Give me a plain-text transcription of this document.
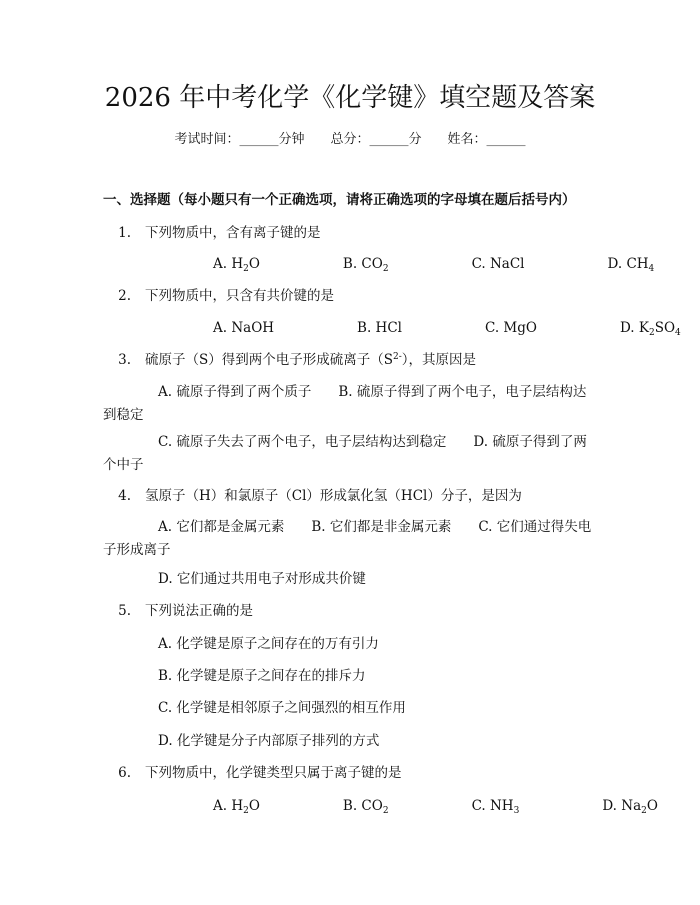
2026 年中考化学《化学键》填空题及答案
考试时间：______分钟 总分：______分 姓名：______
一、选择题（每小题只有一个正确选项，请将正确选项的字母填在题后括号内）
1. 下列物质中，含有离子键的是
A. $H_2O$	B. $CO_2$	C. NaCl	D. $CH_4$
2. 下列物质中，只含有共价键的是
A. NaOH	B. HCl	C. MgO	D. $K_2SO_4$
3. 硫原子（S）得到两个电子形成硫离子$(S^{2-})$，其原因是
A. 硫原子得到了两个质子　　B. 硫原子得到了两个电子，电子层结构达到稳定
C. 硫原子失去了两个电子，电子层结构达到稳定　　D. 硫原子得到了两个中子
4. 氢原子（H）和氯原子（Cl）形成氯化氢（HCl）分子，是因为
A. 它们都是金属元素　　B. 它们都是非金属元素　　C. 它们通过得失电子形成离子
D. 它们通过共用电子对形成共价键
5. 下列说法正确的是
A. 化学键是原子之间存在的万有引力
B. 化学键是原子之间存在的排斥力
C. 化学键是相邻原子之间强烈的相互作用
D. 化学键是分子内部原子排列的方式
6. 下列物质中，化学键类型只属于离子键的是
A. $H_2O$	B. $CO_2$	C. $NH_3$	D. $Na_2O$
